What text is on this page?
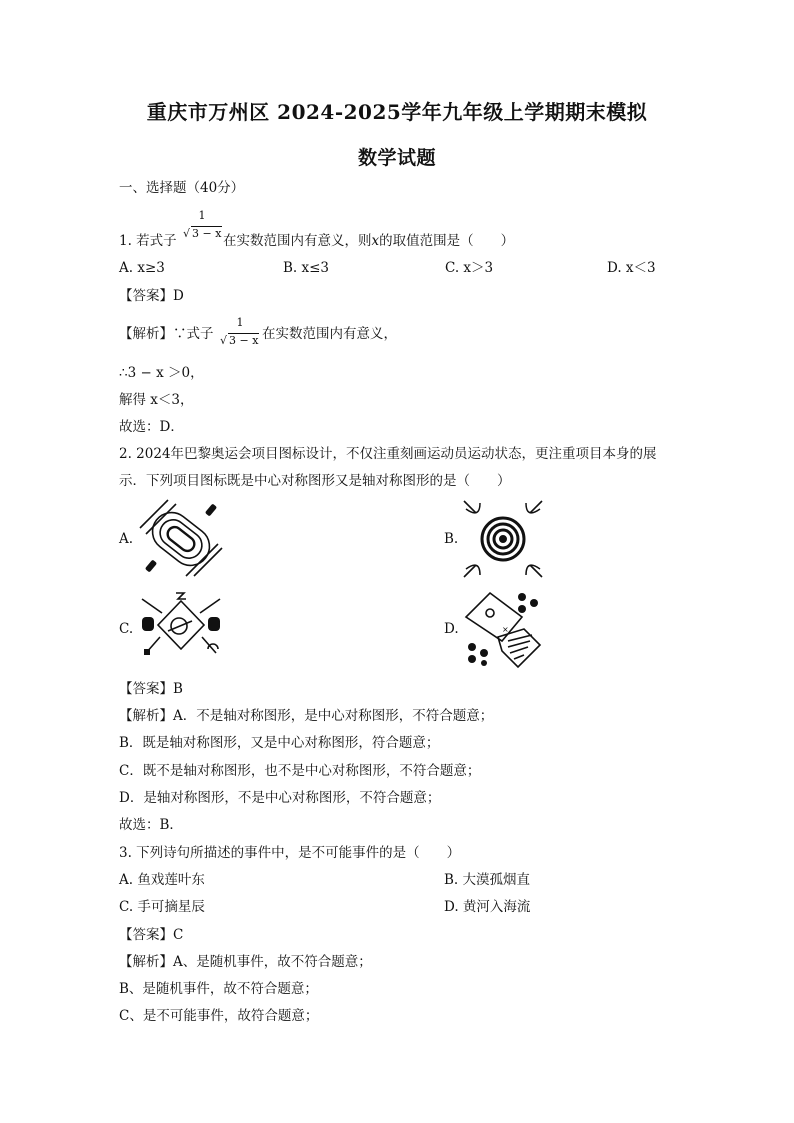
重庆市万州区 2024-2025学年九年级上学期期末模拟
数学试题
一、选择题（40分）
1. 若式子
1
√ 3 − x 在实数范围内有意义，则x的取值范围是（　　）
A. x≥3	B. x≤3	C. x＞3	D. x＜3
【答案】D
【解析】∵式子
1
√ 3 − x 在实数范围内有意义，
∴3 − x ＞0，
解得 x＜3，
故选：D．
2. 2024年巴黎奥运会项目图标设计，不仅注重刻画运动员运动状态，更注重项目本身的展
示．下列项目图标既是中心对称图形又是轴对称图形的是（　　）
A.	B.
C.	D.	×
【答案】B
【解析】A．不是轴对称图形，是中心对称图形，不符合题意；
B．既是轴对称图形，又是中心对称图形，符合题意；
C．既不是轴对称图形，也不是中心对称图形，不符合题意；
D．是轴对称图形，不是中心对称图形，不符合题意；
故选：B．
3. 下列诗句所描述的事件中，是不可能事件的是（　　）
A. 鱼戏莲叶东	B. 大漠孤烟直
C. 手可摘星辰	D. 黄河入海流
【答案】C
【解析】A、是随机事件，故不符合题意；
B、是随机事件，故不符合题意；
C、是不可能事件，故符合题意；
